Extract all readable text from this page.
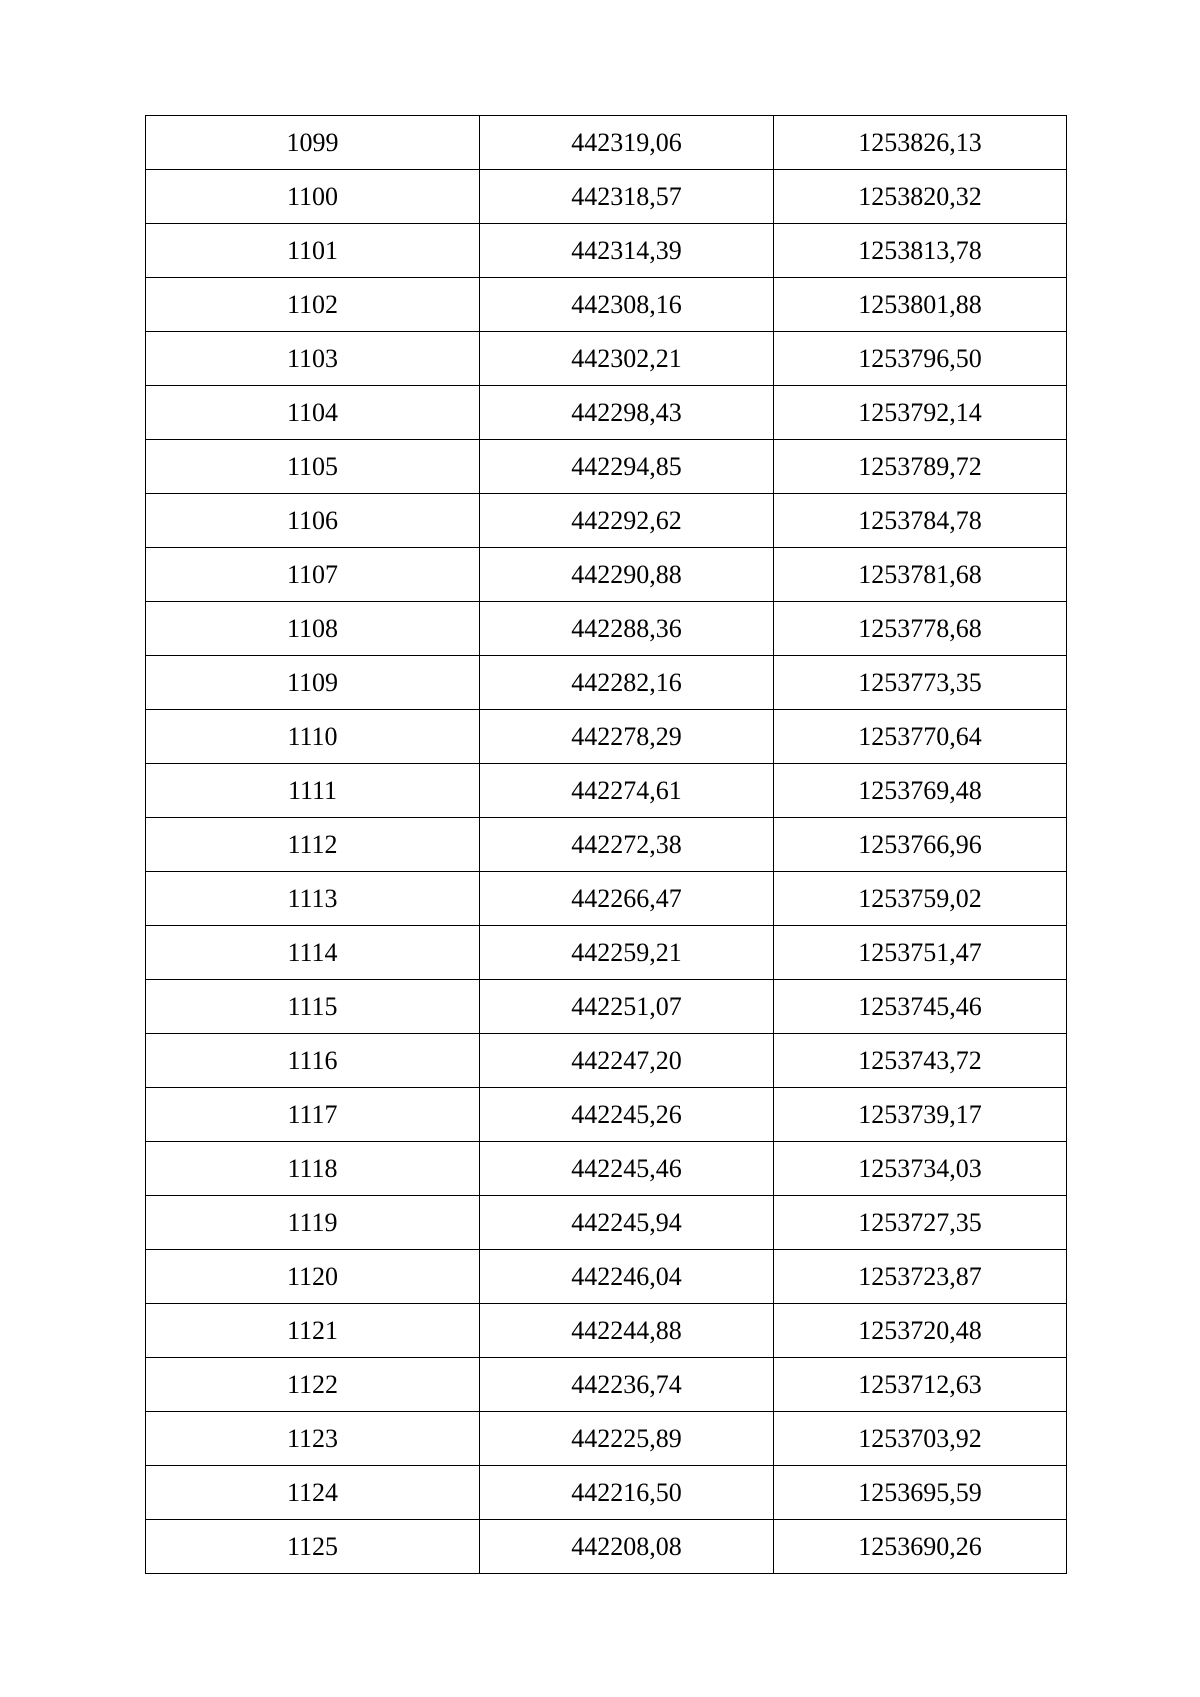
1099	442319,06	1253826,13
1100	442318,57	1253820,32
1101	442314,39	1253813,78
1102	442308,16	1253801,88
1103	442302,21	1253796,50
1104	442298,43	1253792,14
1105	442294,85	1253789,72
1106	442292,62	1253784,78
1107	442290,88	1253781,68
1108	442288,36	1253778,68
1109	442282,16	1253773,35
1110	442278,29	1253770,64
1111	442274,61	1253769,48
1112	442272,38	1253766,96
1113	442266,47	1253759,02
1114	442259,21	1253751,47
1115	442251,07	1253745,46
1116	442247,20	1253743,72
1117	442245,26	1253739,17
1118	442245,46	1253734,03
1119	442245,94	1253727,35
1120	442246,04	1253723,87
1121	442244,88	1253720,48
1122	442236,74	1253712,63
1123	442225,89	1253703,92
1124	442216,50	1253695,59
1125	442208,08	1253690,26
